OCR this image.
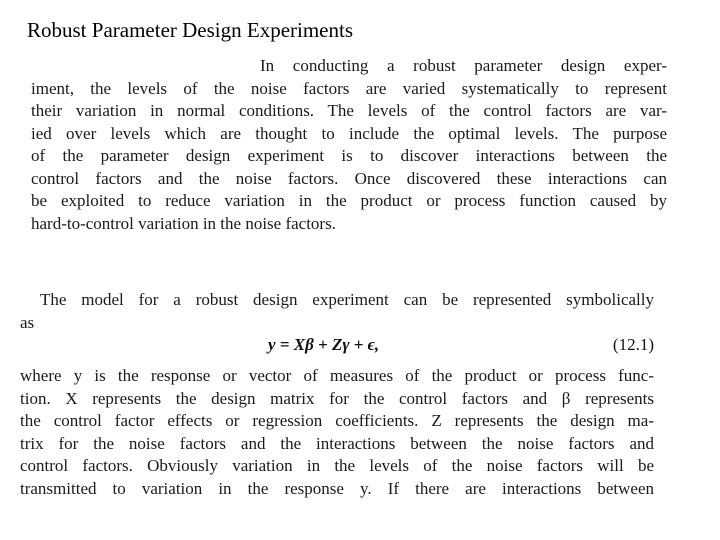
Robust Parameter Design Experiments
In conducting a robust parameter design exper-
iment, the levels of the noise factors are varied systematically to represent
their variation in normal conditions. The levels of the control factors are var-
ied over levels which are thought to include the optimal levels. The purpose
of the parameter design experiment is to discover interactions between the
control factors and the noise factors. Once discovered these interactions can
be exploited to reduce variation in the product or process function caused by
hard-to-control variation in the noise factors.
The model for a robust design experiment can be represented symbolically
as
y = Xβ + Zγ + ϵ,	(12.1)
where y is the response or vector of measures of the product or process func-
tion. X represents the design matrix for the control factors and β represents
the control factor effects or regression coefficients. Z represents the design ma-
trix for the noise factors and the interactions between the noise factors and
control factors. Obviously variation in the levels of the noise factors will be
transmitted to variation in the response y. If there are interactions between
